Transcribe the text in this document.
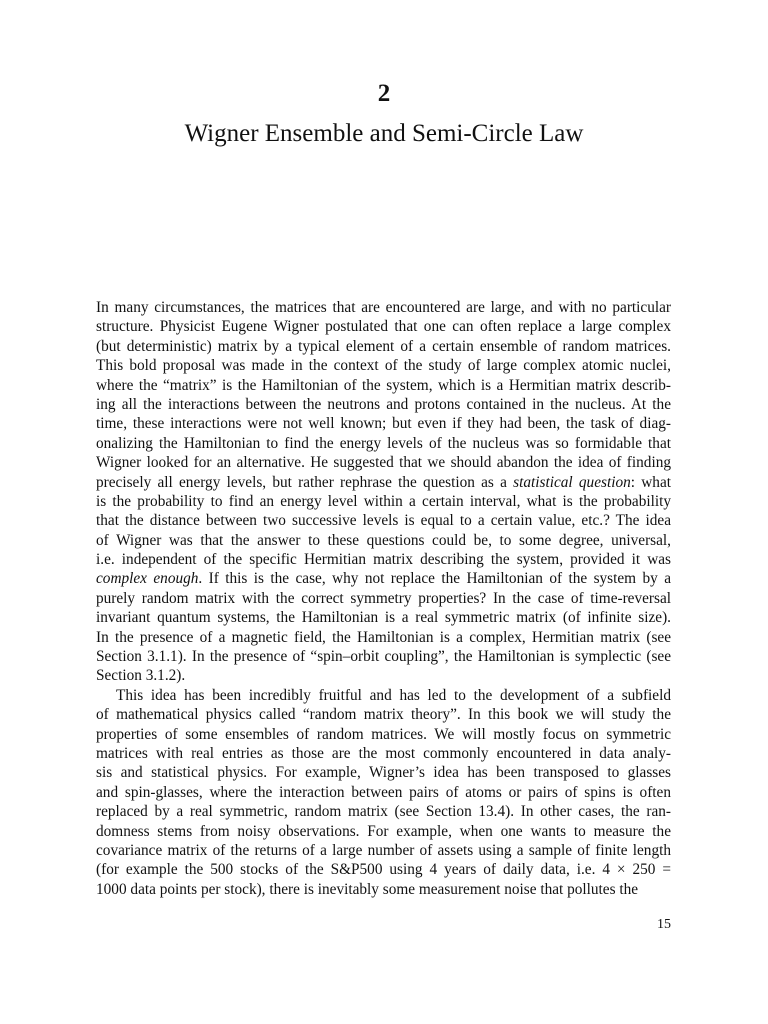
2
Wigner Ensemble and Semi-Circle Law
In many circumstances, the matrices that are encountered are large, and with no particular
structure. Physicist Eugene Wigner postulated that one can often replace a large complex
(but deterministic) matrix by a typical element of a certain ensemble of random matrices.
This bold proposal was made in the context of the study of large complex atomic nuclei,
where the “matrix” is the Hamiltonian of the system, which is a Hermitian matrix describ-
ing all the interactions between the neutrons and protons contained in the nucleus. At the
time, these interactions were not well known; but even if they had been, the task of diag-
onalizing the Hamiltonian to find the energy levels of the nucleus was so formidable that
Wigner looked for an alternative. He suggested that we should abandon the idea of finding
precisely all energy levels, but rather rephrase the question as a statistical question: what
is the probability to find an energy level within a certain interval, what is the probability
that the distance between two successive levels is equal to a certain value, etc.? The idea
of Wigner was that the answer to these questions could be, to some degree, universal,
i.e. independent of the specific Hermitian matrix describing the system, provided it was
complex enough. If this is the case, why not replace the Hamiltonian of the system by a
purely random matrix with the correct symmetry properties? In the case of time-reversal
invariant quantum systems, the Hamiltonian is a real symmetric matrix (of infinite size).
In the presence of a magnetic field, the Hamiltonian is a complex, Hermitian matrix (see
Section 3.1.1). In the presence of “spin–orbit coupling”, the Hamiltonian is symplectic (see
Section 3.1.2).
This idea has been incredibly fruitful and has led to the development of a subfield
of mathematical physics called “random matrix theory”. In this book we will study the
properties of some ensembles of random matrices. We will mostly focus on symmetric
matrices with real entries as those are the most commonly encountered in data analy-
sis and statistical physics. For example, Wigner’s idea has been transposed to glasses
and spin-glasses, where the interaction between pairs of atoms or pairs of spins is often
replaced by a real symmetric, random matrix (see Section 13.4). In other cases, the ran-
domness stems from noisy observations. For example, when one wants to measure the
covariance matrix of the returns of a large number of assets using a sample of finite length
(for example the 500 stocks of the S&P500 using 4 years of daily data, i.e. 4 × 250 =
1000 data points per stock), there is inevitably some measurement noise that pollutes the
15
